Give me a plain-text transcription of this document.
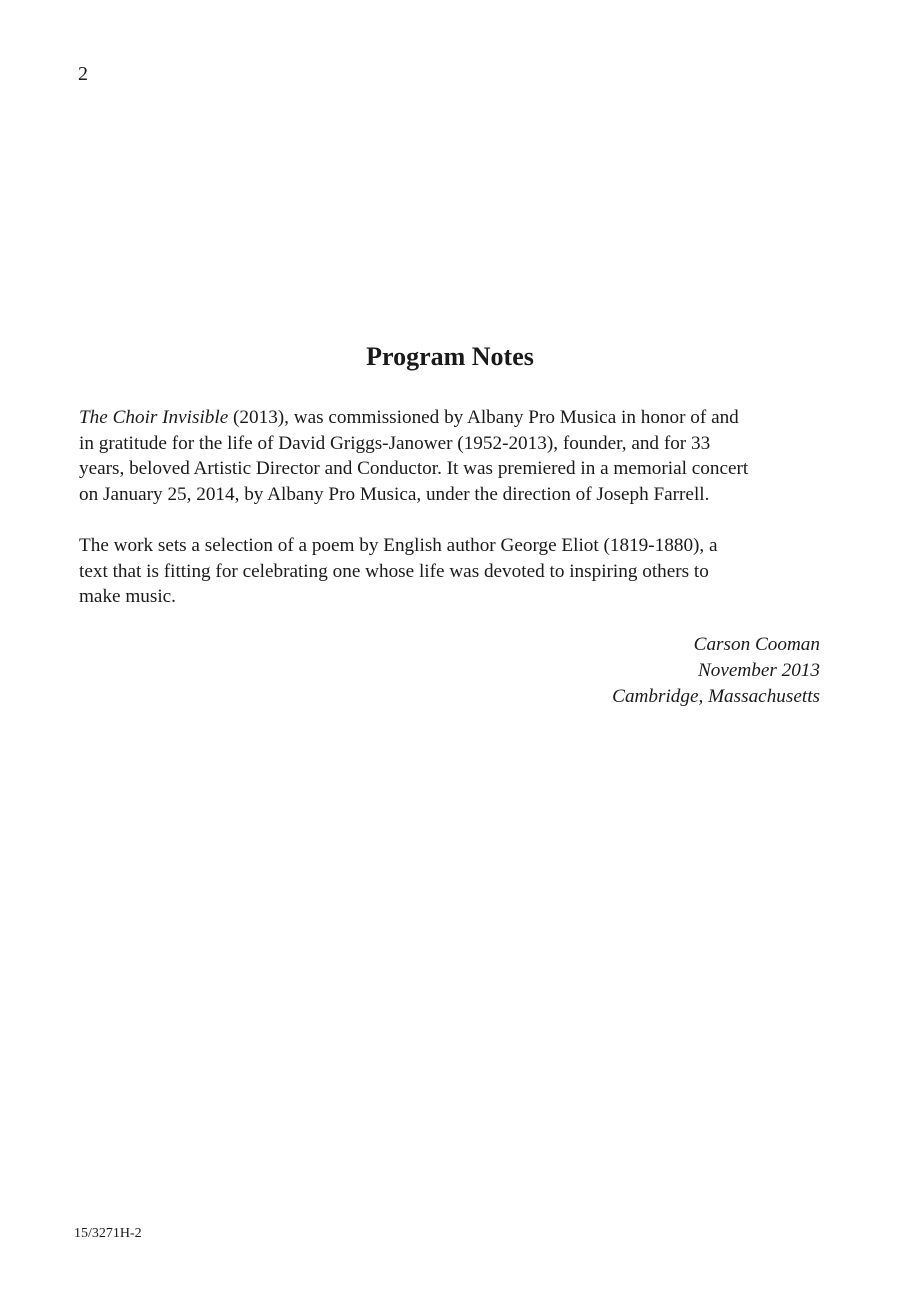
2
Program Notes

The Choir Invisible (2013), was commissioned by Albany Pro Musica in honor of and
in gratitude for the life of David Griggs-Janower (1952-2013), founder, and for 33
years, beloved Artistic Director and Conductor. It was premiered in a memorial concert
on January 25, 2014, by Albany Pro Musica, under the direction of Joseph Farrell.

The work sets a selection of a poem by English author George Eliot (1819-1880), a
text that is fitting for celebrating one whose life was devoted to inspiring others to
make music.

Carson Cooman
November 2013
Cambridge, Massachusetts
15/3271H-2
